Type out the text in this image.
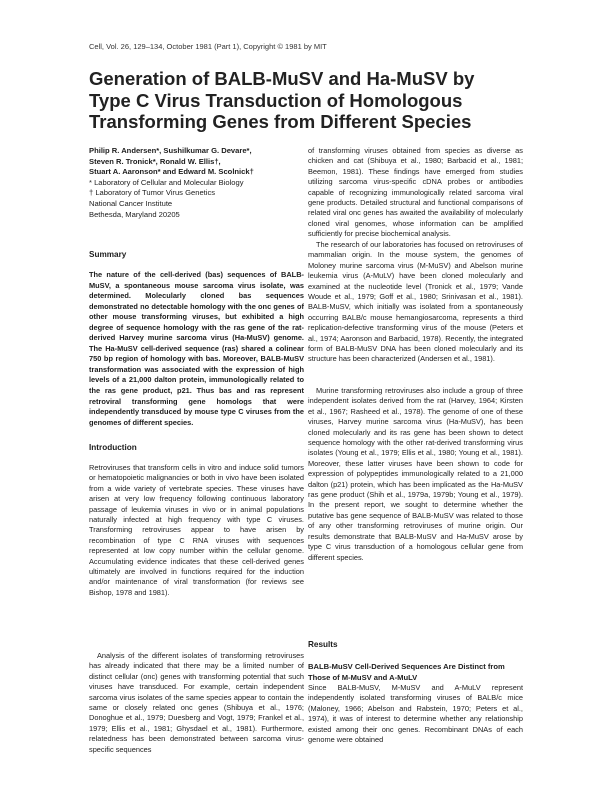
Cell, Vol. 26, 129–134, October 1981 (Part 1), Copyright © 1981 by MIT
Generation of BALB-MuSV and Ha-MuSV by Type C Virus Transduction of Homologous Transforming Genes from Different Species
Philip R. Andersen*, Sushilkumar G. Devare*,
Steven R. Tronick*, Ronald W. Ellis†,
Stuart A. Aaronson* and Edward M. Scolnick†
* Laboratory of Cellular and Molecular Biology
† Laboratory of Tumor Virus Genetics
National Cancer Institute
Bethesda, Maryland 20205
Summary

The nature of the cell-derived (bas) sequences of BALB-MuSV, a spontaneous mouse sarcoma virus isolate, was determined. Molecularly cloned bas sequences demonstrated no detectable homology with the onc genes of other mouse transforming viruses, but exhibited a high degree of sequence homology with the ras gene of the rat-derived Harvey murine sarcoma virus (Ha-MuSV) genome. The Ha-MuSV cell-derived sequence (ras) shared a colinear 750 bp region of homology with bas. Moreover, BALB-MuSV transformation was associated with the expression of high levels of a 21,000 dalton protein, immunologically related to the ras gene product, p21. Thus bas and ras represent retroviral transforming gene homologs that were independently transduced by mouse type C viruses from the genomes of different species.

Introduction

Retroviruses that transform cells in vitro and induce solid tumors or hematopoietic malignancies or both in vivo have been isolated from a wide variety of vertebrate species. These viruses have arisen at very low frequency following continuous laboratory passage of leukemia viruses in vivo or in animal populations naturally infected at high frequency with type C viruses. Transforming retroviruses appear to have arisen by recombination of type C RNA viruses with sequences represented at low copy number within the cellular genome. Accumulating evidence indicates that these cell-derived genes ultimately are involved in functions required for the induction and/or maintenance of viral transformation (for reviews see Bishop, 1978 and 1981).

Analysis of the different isolates of transforming retroviruses has already indicated that there may be a limited number of distinct cellular (onc) genes with transforming potential that such viruses have transduced. For example, certain independent sarcoma virus isolates of the same species appear to contain the same or closely related onc genes (Shibuya et al., 1976; Donoghue et al., 1979; Duesberg and Vogt, 1979; Frankel et al., 1979; Ellis et al., 1981; Ghysdael et al., 1981). Furthermore, relatedness has been demonstrated between sarcoma virus-specific sequences

of transforming viruses obtained from species as diverse as chicken and cat (Shibuya et al., 1980; Barbacid et al., 1981; Beemon, 1981). These findings have emerged from studies utilizing sarcoma virus-specific cDNA probes or antibodies capable of recognizing immunologically related sarcoma viral gene products. Detailed structural and functional comparisons of related viral onc genes has awaited the availability of molecularly cloned viral genomes, whose information can be amplified sufficiently for precise biochemical analysis.

The research of our laboratories has focused on retroviruses of mammalian origin. In the mouse system, the genomes of Moloney murine sarcoma virus (M-MuSV) and Abelson murine leukemia virus (A-MuLV) have been cloned molecularly and examined at the nucleotide level (Tronick et al., 1979; Vande Woude et al., 1979; Goff et al., 1980; Srinivasan et al., 1981). BALB-MuSV, which initially was isolated from a spontaneously occurring BALB/c mouse hemangiosarcoma, represents a third replication-defective transforming virus of the mouse (Peters et al., 1974; Aaronson and Barbacid, 1978). Recently, the integrated form of BALB-MuSV DNA has been cloned molecularly and its structure has been characterized (Andersen et al., 1981).

Murine transforming retroviruses also include a group of three independent isolates derived from the rat (Harvey, 1964; Kirsten et al., 1967; Rasheed et al., 1978). The genome of one of these viruses, Harvey murine sarcoma virus (Ha-MuSV), has been cloned molecularly and its ras gene has been shown to detect sequence homology with the other rat-derived transforming virus isolates (Young et al., 1979; Ellis et al., 1980; Young et al., 1981). Moreover, these latter viruses have been shown to code for expression of polypeptides immunologically related to a 21,000 dalton (p21) protein, which has been implicated as the Ha-MuSV ras gene product (Shih et al., 1979a, 1979b; Young et al., 1979). In the present report, we sought to determine whether the putative bas gene sequence of BALB-MuSV was related to those of any other transforming retroviruses of murine origin. Our results demonstrate that BALB-MuSV and Ha-MuSV arose by type C virus transduction of a homologous cellular gene from different species.

Results
BALB-MuSV Cell-Derived Sequences Are Distinct from Those of M-MuSV and A-MuLV

Since BALB-MuSV, M-MuSV and A-MuLV represent independently isolated transforming viruses of BALB/c mice (Maloney, 1966; Abelson and Rabstein, 1970; Peters et al., 1974), it was of interest to determine whether any relationship existed among their onc genes. Recombinant DNAs of each genome were obtained
